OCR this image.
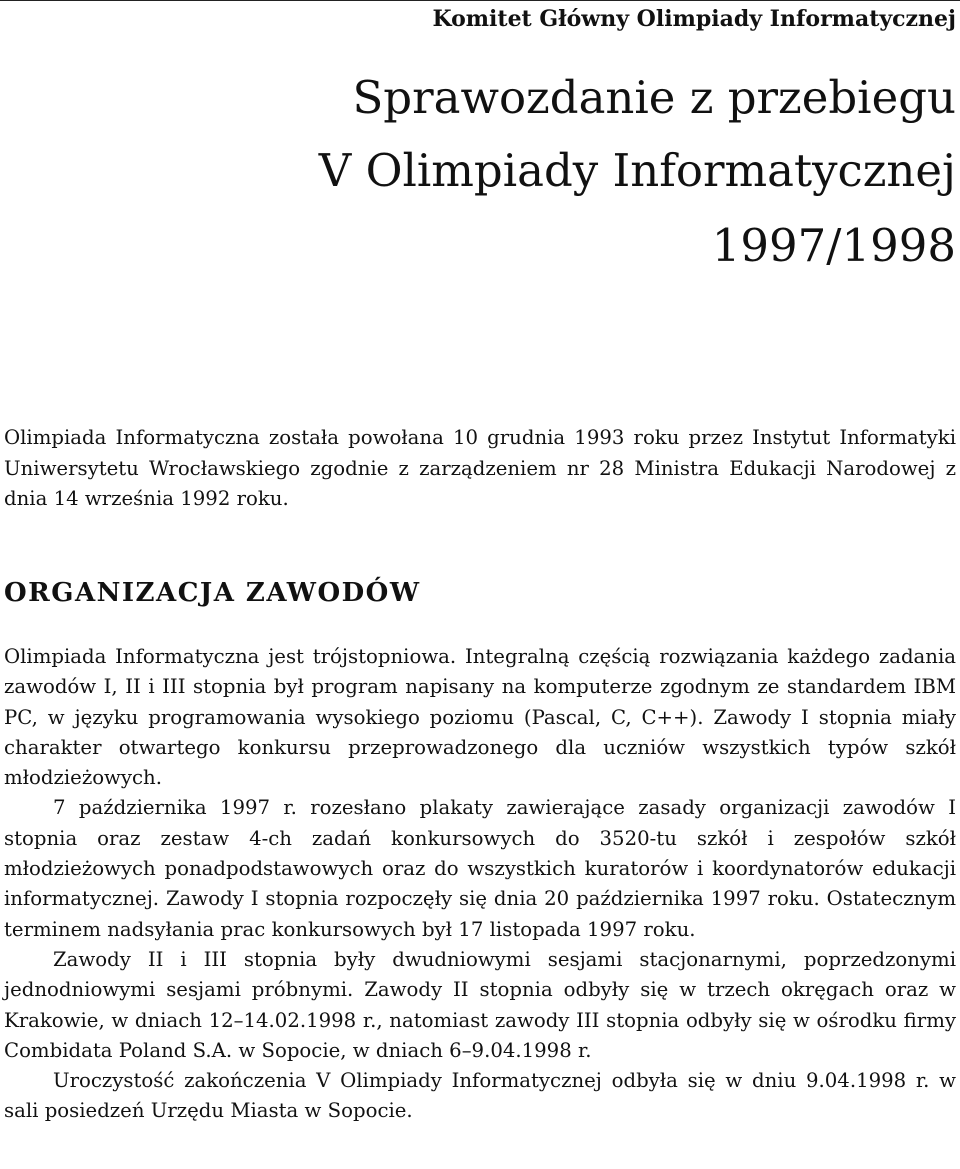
Komitet Główny Olimpiady Informatycznej
Sprawozdanie z przebiegu
V Olimpiady Informatycznej
1997/1998
Olimpiada Informatyczna została powołana 10 grudnia 1993 roku przez Instytut Informatyki Uniwersytetu Wrocławskiego zgodnie z zarządzeniem nr 28 Ministra Edukacji Narodowej z dnia 14 września 1992 roku.
ORGANIZACJA ZAWODÓW

Olimpiada Informatyczna jest trójstopniowa. Integralną częścią rozwiązania każdego zadania zawodów I, II i III stopnia był program napisany na komputerze zgodnym ze standardem IBM PC, w języku programowania wysokiego poziomu (Pascal, C, C++). Zawody I stopnia miały charakter otwartego konkursu przeprowadzonego dla uczniów wszystkich typów szkół młodzieżowych.

7 października 1997 r. rozesłano plakaty zawierające zasady organizacji zawodów I stopnia oraz zestaw 4-ch zadań konkursowych do 3520-tu szkół i zespołów szkół młodzieżowych ponadpodstawowych oraz do wszystkich kuratorów i koordynatorów edukacji informatycznej. Zawody I stopnia rozpoczęły się dnia 20 października 1997 roku. Ostatecznym terminem nadsyłania prac konkursowych był 17 listopada 1997 roku.

Zawody II i III stopnia były dwudniowymi sesjami stacjonarnymi, poprzedzonymi jednodniowymi sesjami próbnymi. Zawody II stopnia odbyły się w trzech okręgach oraz w Krakowie, w dniach 12–14.02.1998 r., natomiast zawody III stopnia odbyły się w ośrodku firmy Combidata Poland S.A. w Sopocie, w dniach 6–9.04.1998 r.

Uroczystość zakończenia V Olimpiady Informatycznej odbyła się w dniu 9.04.1998 r. w sali posiedzeń Urzędu Miasta w Sopocie.
